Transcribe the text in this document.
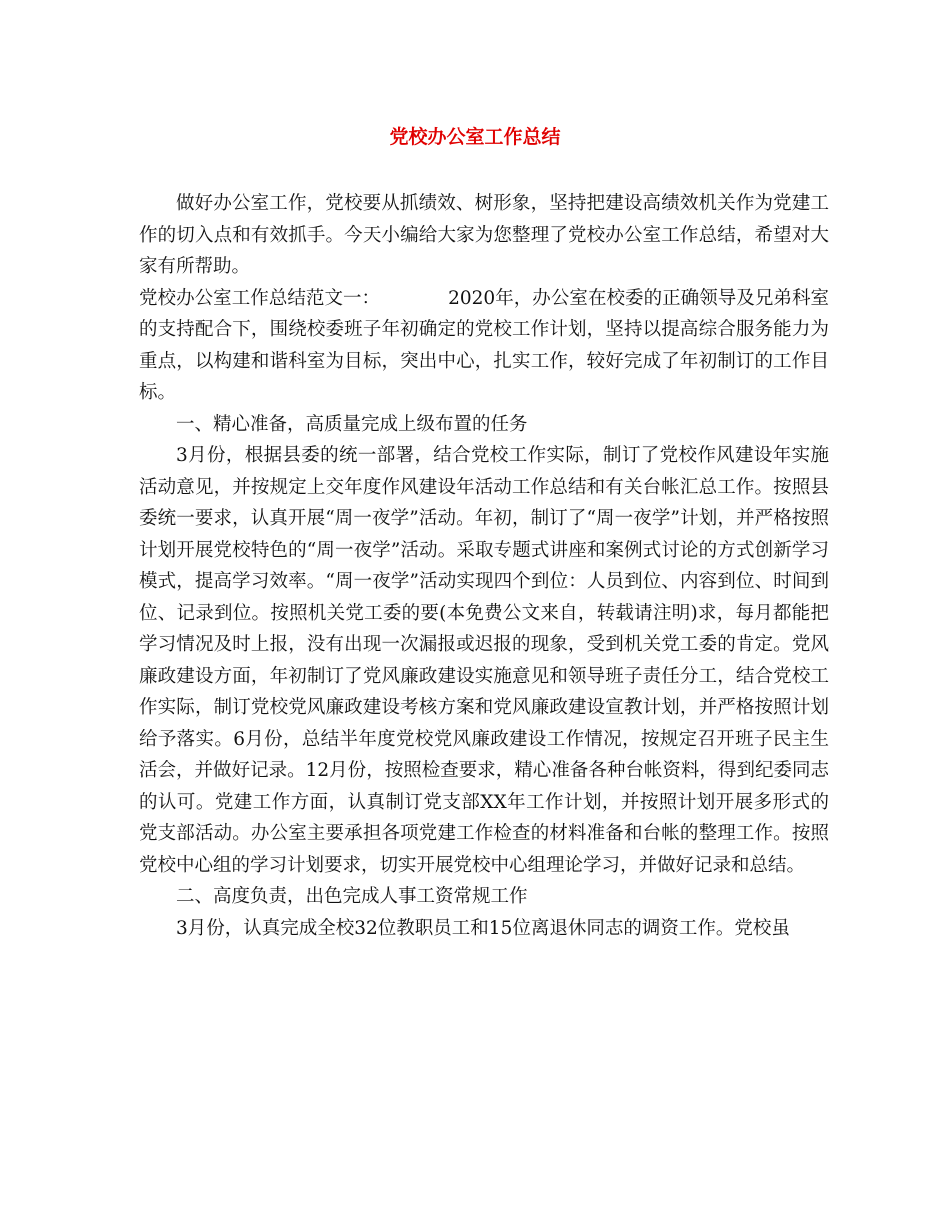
党校办公室工作总结

做好办公室工作，党校要从抓绩效、树形象，坚持把建设高绩效机关作为党建工作的切入点和有效抓手。今天小编给大家为您整理了党校办公室工作总结，希望对大家有所帮助。

党校办公室工作总结范文一：	2020年，办公室在校委的正确领导及兄弟科室的支持配合下，围绕校委班子年初确定的党校工作计划，坚持以提高综合服务能力为重点，以构建和谐科室为目标，突出中心，扎实工作，较好完成了年初制订的工作目标。

一、精心准备，高质量完成上级布置的任务

3月份，根据县委的统一部署，结合党校工作实际，制订了党校作风建设年实施活动意见，并按规定上交年度作风建设年活动工作总结和有关台帐汇总工作。按照县委统一要求，认真开展“周一夜学”活动。年初，制订了“周一夜学”计划，并严格按照计划开展党校特色的“周一夜学”活动。采取专题式讲座和案例式讨论的方式创新学习模式，提高学习效率。“周一夜学”活动实现四个到位：人员到位、内容到位、时间到位、记录到位。按照机关党工委的要(本免费公文来自，转载请注明)求，每月都能把学习情况及时上报，没有出现一次漏报或迟报的现象，受到机关党工委的肯定。党风廉政建设方面，年初制订了党风廉政建设实施意见和领导班子责任分工，结合党校工作实际，制订党校党风廉政建设考核方案和党风廉政建设宣教计划，并严格按照计划给予落实。6月份，总结半年度党校党风廉政建设工作情况，按规定召开班子民主生活会，并做好记录。12月份，按照检查要求，精心准备各种台帐资料，得到纪委同志的认可。党建工作方面，认真制订党支部XX年工作计划，并按照计划开展多形式的党支部活动。办公室主要承担各项党建工作检查的材料准备和台帐的整理工作。按照党校中心组的学习计划要求，切实开展党校中心组理论学习，并做好记录和总结。

二、高度负责，出色完成人事工资常规工作

3月份，认真完成全校32位教职员工和15位离退休同志的调资工作。党校虽
